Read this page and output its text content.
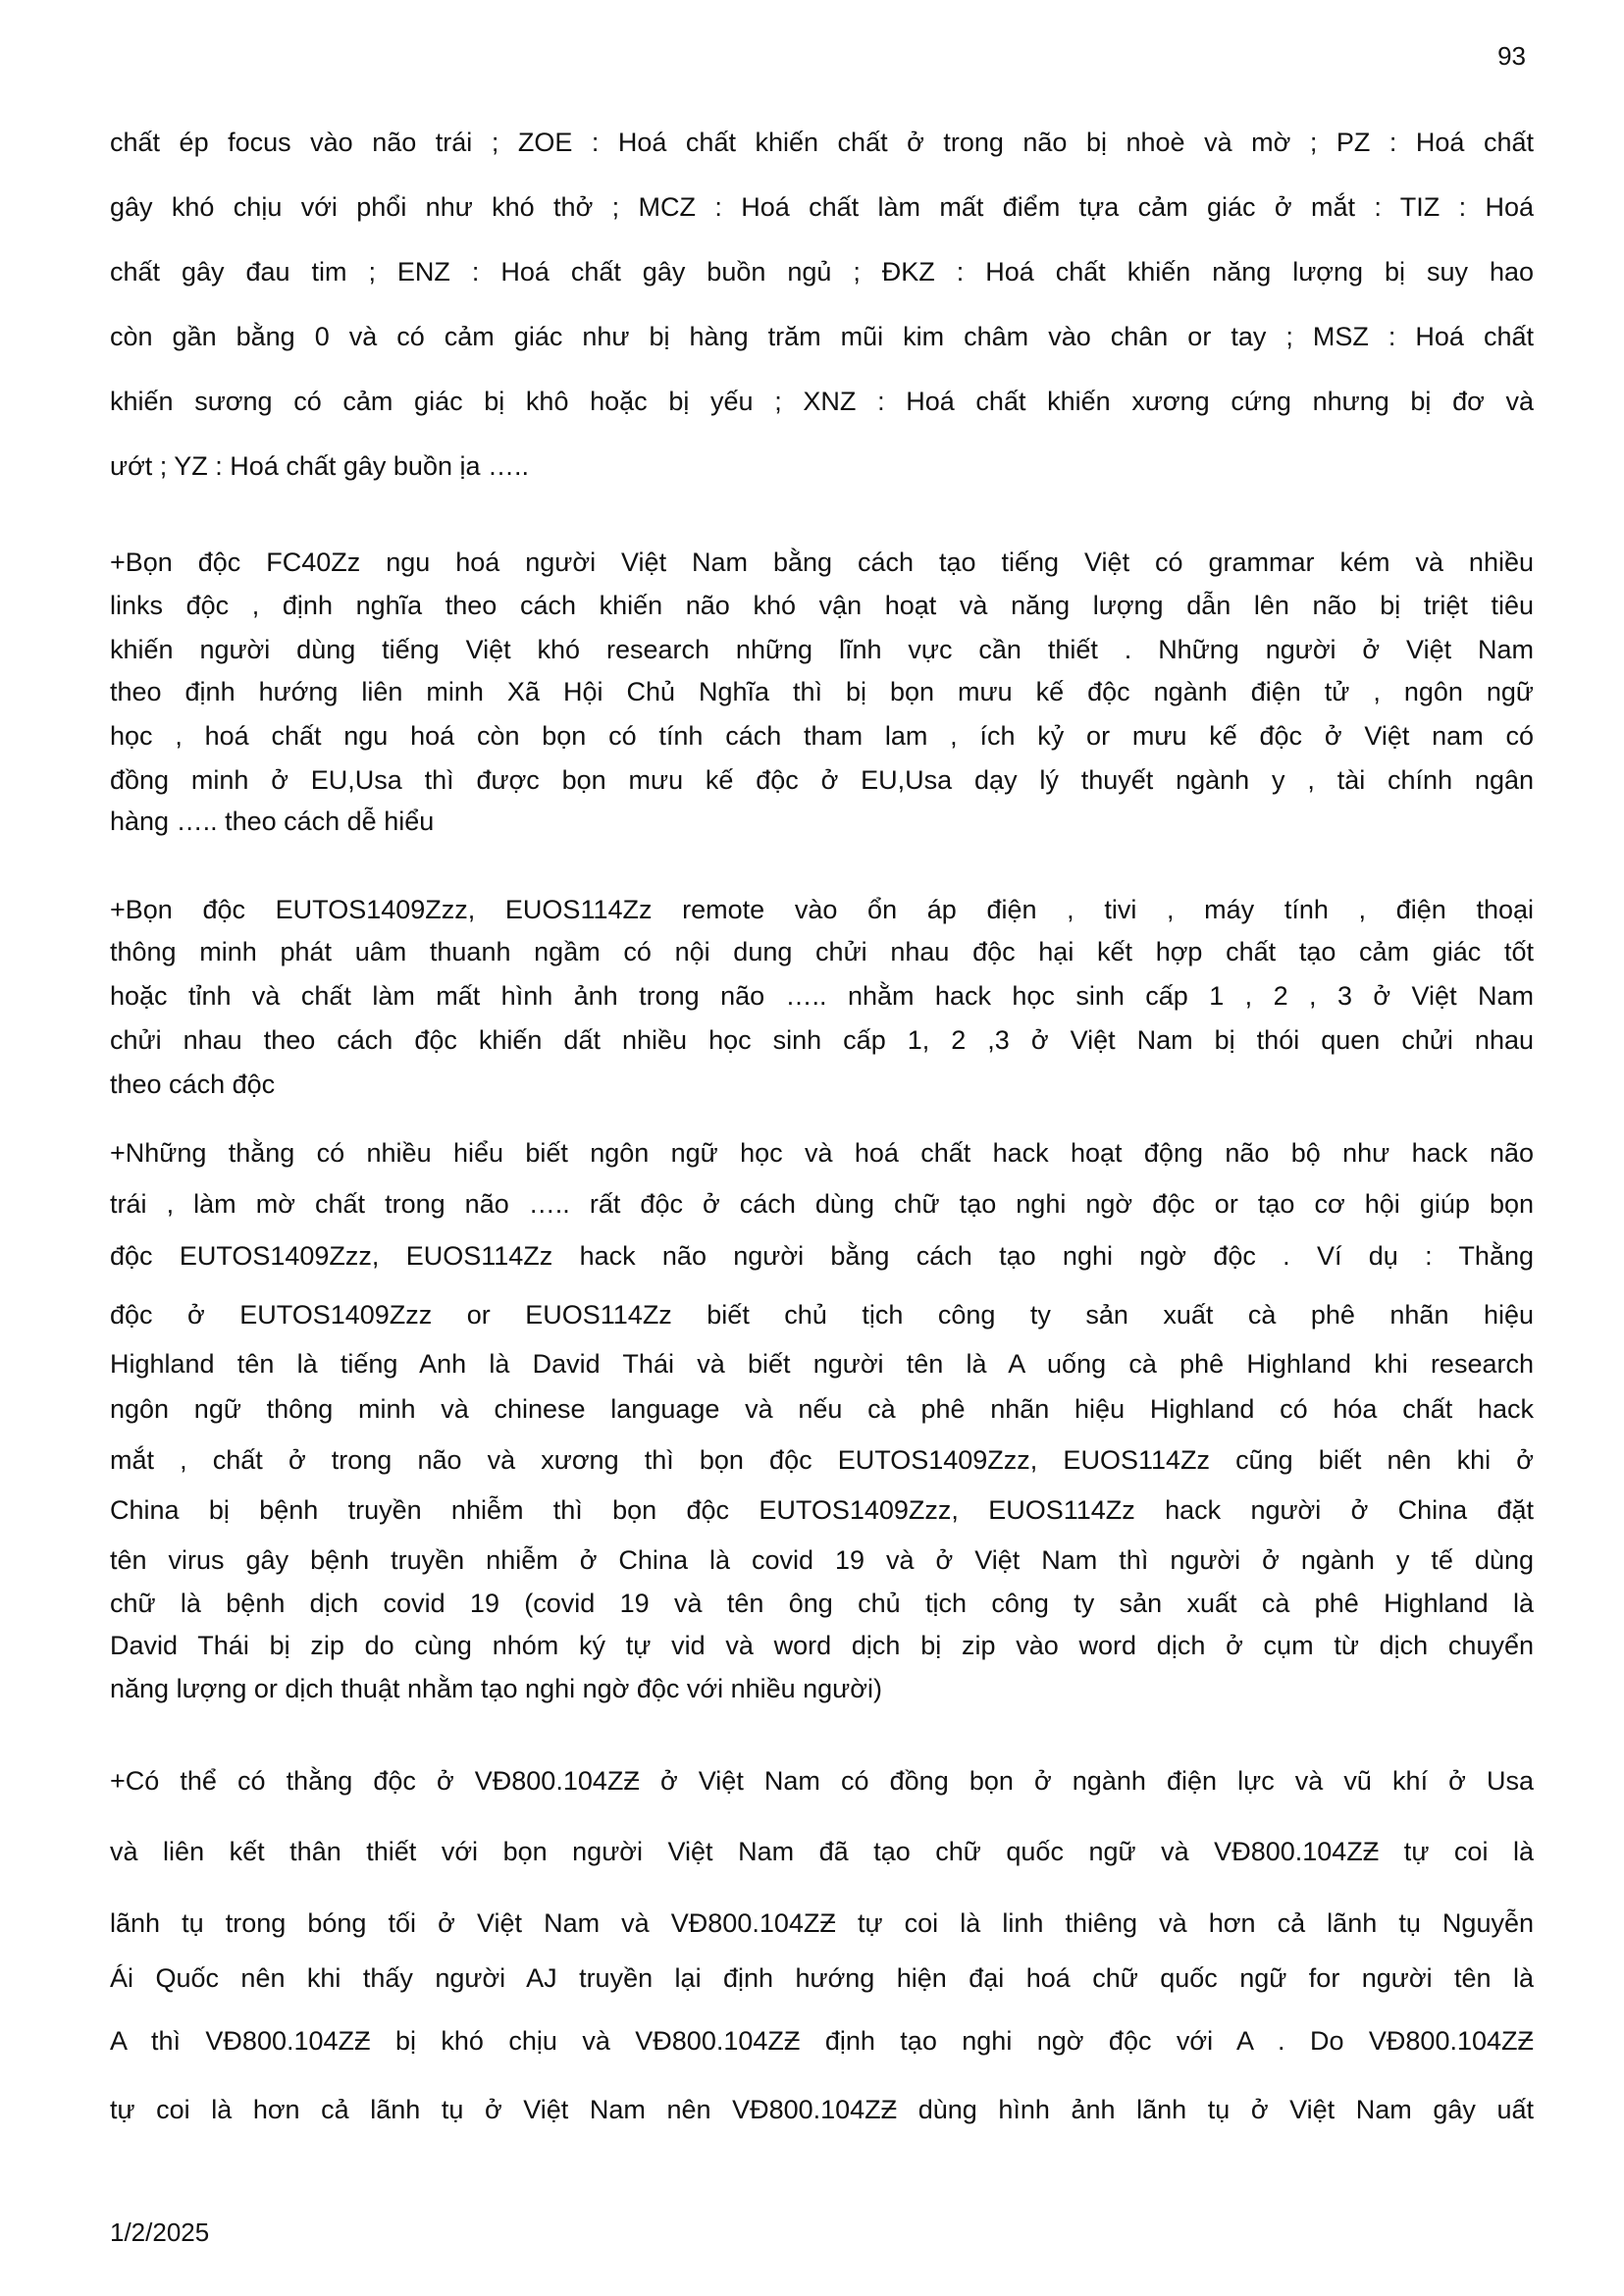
93
chất ép focus vào não trái ; ZOE : Hoá chất khiến chất ở trong não bị nhoè và mờ ; PZ : Hoá chất
gây khó chịu với phổi như khó thở ; MCZ : Hoá chất làm mất điểm tựa cảm giác ở mắt : TIZ : Hoá
chất gây đau tim ; ENZ : Hoá chất gây buồn ngủ ; ĐKZ : Hoá chất khiến năng lượng bị suy hao
còn gần bằng 0 và có cảm giác như bị hàng trăm mũi kim châm vào chân or tay ; MSZ : Hoá chất
khiến sương có cảm giác bị khô hoặc bị yếu ; XNZ : Hoá chất khiến xương cứng nhưng bị đơ và
ướt ; YZ : Hoá chất gây buồn ịa …..
+Bọn độc FC40Zz ngu hoá người Việt Nam bằng cách tạo tiếng Việt có grammar kém và nhiều
links độc , định nghĩa theo cách khiến não khó vận hoạt và năng lượng dẫn lên não bị triệt tiêu
khiến người dùng tiếng Việt khó research những lĩnh vực cần thiết . Những người ở Việt Nam
theo định hướng liên minh Xã Hội Chủ Nghĩa thì bị bọn mưu kế độc ngành điện tử , ngôn ngữ
học , hoá chất ngu hoá còn bọn có tính cách tham lam , ích kỷ or mưu kế độc ở Việt nam có
đồng minh ở EU,Usa thì được bọn mưu kế độc ở EU,Usa dạy lý thuyết ngành y , tài chính ngân
hàng ….. theo cách dễ hiểu
+Bọn độc EUTOS1409Zzz, EUOS114Zz remote vào ổn áp điện , tivi , máy tính , điện thoại
thông minh phát uâm thuanh ngầm có nội dung chửi nhau độc hại kết hợp chất tạo cảm giác tốt
hoặc tỉnh và chất làm mất hình ảnh trong não ….. nhằm hack học sinh cấp 1 , 2 , 3 ở Việt Nam
chửi nhau theo cách độc khiến dất nhiều học sinh cấp 1, 2 ,3 ở Việt Nam bị thói quen chửi nhau
theo cách độc
+Những thằng có nhiều hiểu biết ngôn ngữ học và hoá chất hack hoạt động não bộ như hack não
trái , làm mờ chất trong não ….. rất độc ở cách dùng chữ tạo nghi ngờ độc or tạo cơ hội giúp bọn
độc EUTOS1409Zzz, EUOS114Zz hack não người bằng cách tạo nghi ngờ độc . Ví dụ : Thằng
độc ở EUTOS1409Zzz or EUOS114Zz biết chủ tịch công ty sản xuất cà phê nhãn hiệu
Highland tên là tiếng Anh là David Thái và biết người tên là A uống cà phê Highland khi research
ngôn ngữ thông minh và chinese language và nếu cà phê nhãn hiệu Highland có hóa chất hack
mắt , chất ở trong não và xương thì bọn độc EUTOS1409Zzz, EUOS114Zz cũng biết nên khi ở
China bị bệnh truyền nhiễm thì bọn độc EUTOS1409Zzz, EUOS114Zz hack người ở China đặt
tên virus gây bệnh truyền nhiễm ở China là covid 19 và ở Việt Nam thì người ở ngành y tế dùng
chữ là bệnh dịch covid 19 (covid 19 và tên ông chủ tịch công ty sản xuất cà phê Highland là
David Thái bị zip do cùng nhóm ký tự vid và word dịch bị zip vào word dịch ở cụm từ dịch chuyển
năng lượng or dịch thuật nhằm tạo nghi ngờ độc với nhiều người)
+Có thể có thằng độc ở VĐ800.104ZƵ ở Việt Nam có đồng bọn ở ngành điện lực và vũ khí ở Usa
và liên kết thân thiết với bọn người Việt Nam đã tạo chữ quốc ngữ và VĐ800.104ZƵ tự coi là
lãnh tụ trong bóng tối ở Việt Nam và VĐ800.104ZƵ tự coi là linh thiêng và hơn cả lãnh tụ Nguyễn
Ái Quốc nên khi thấy người AJ truyền lại định hướng hiện đại hoá chữ quốc ngữ for người tên là
A thì VĐ800.104ZƵ bị khó chịu và VĐ800.104ZƵ định tạo nghi ngờ độc với A . Do VĐ800.104ZƵ
tự coi là hơn cả lãnh tụ ở Việt Nam nên VĐ800.104ZƵ dùng hình ảnh lãnh tụ ở Việt Nam gây uất
1/2/2025
